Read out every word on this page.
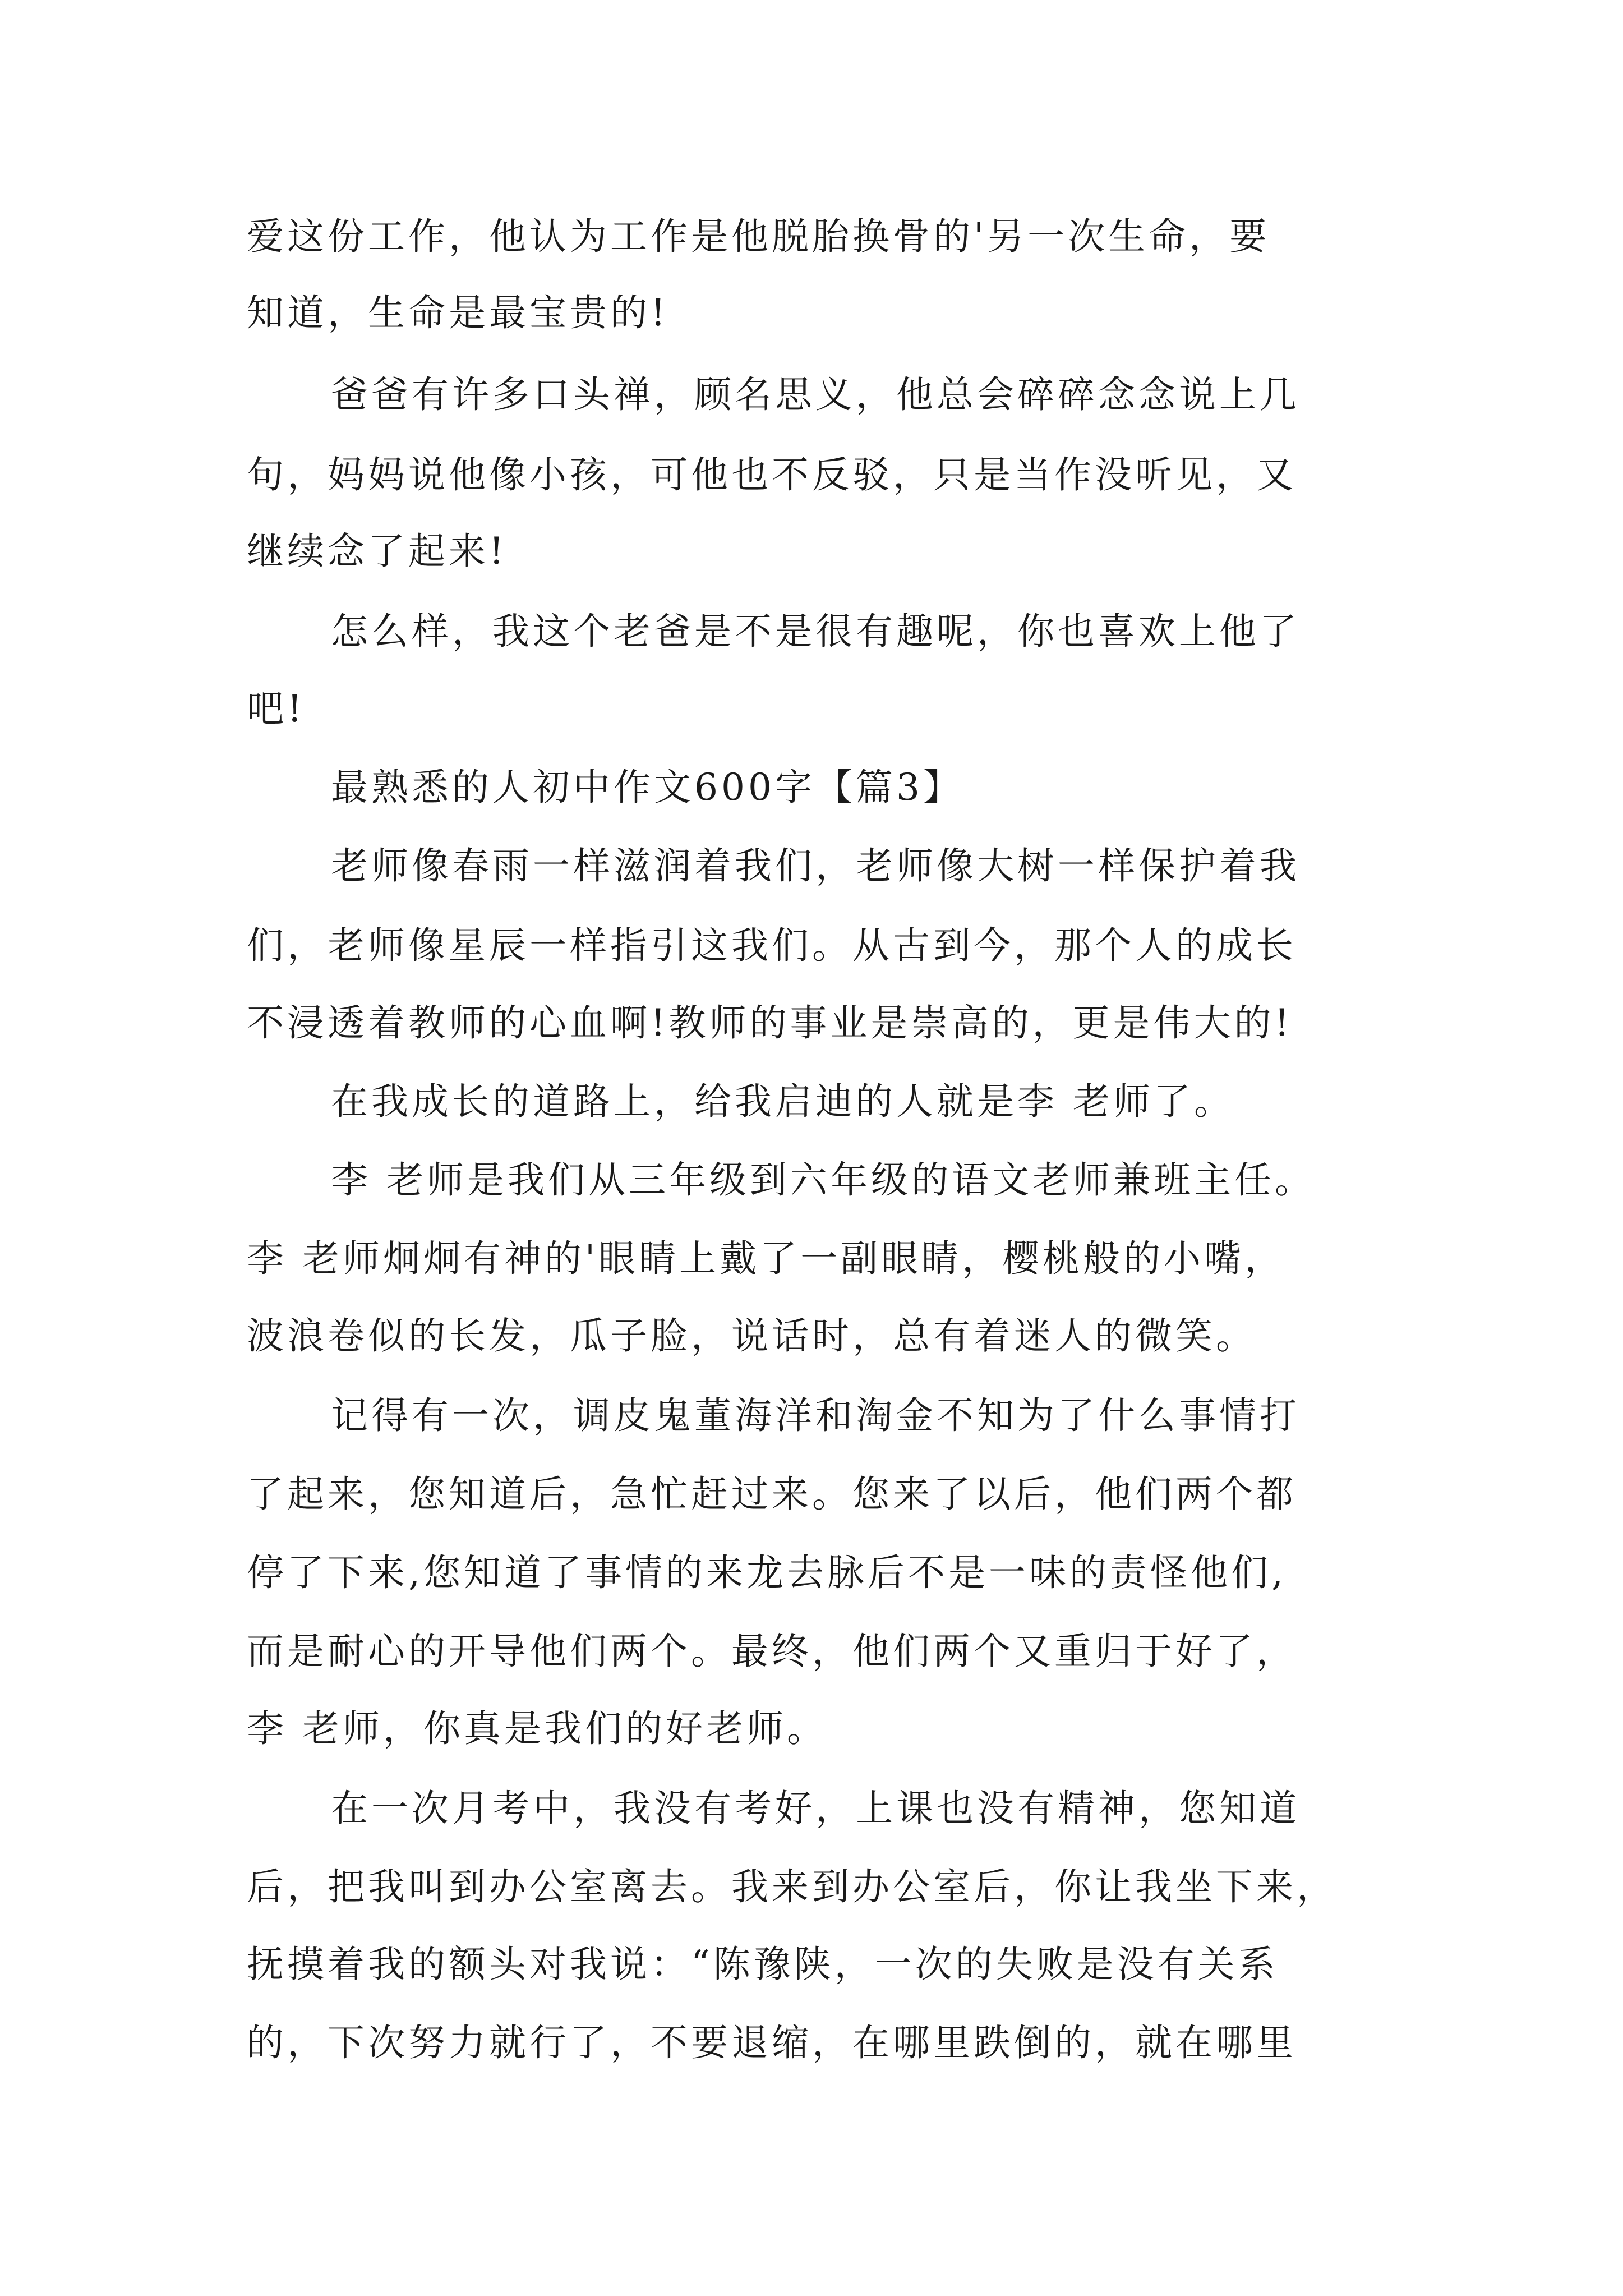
爱这份工作，他认为工作是他脱胎换骨的'另一次生命，要
知道，生命是最宝贵的!
爸爸有许多口头禅，顾名思义，他总会碎碎念念说上几
句，妈妈说他像小孩，可他也不反驳，只是当作没听见，又
继续念了起来!
怎么样，我这个老爸是不是很有趣呢，你也喜欢上他了
吧!
最熟悉的人初中作文600字【篇3】
老师像春雨一样滋润着我们，老师像大树一样保护着我
们，老师像星辰一样指引这我们。从古到今，那个人的成长
不浸透着教师的心血啊!教师的事业是崇高的，更是伟大的!
在我成长的道路上，给我启迪的人就是李 老师了。
李 老师是我们从三年级到六年级的语文老师兼班主任。
李 老师炯炯有神的'眼睛上戴了一副眼睛，樱桃般的小嘴，
波浪卷似的长发，瓜子脸，说话时，总有着迷人的微笑。
记得有一次，调皮鬼董海洋和淘金不知为了什么事情打
了起来，您知道后，急忙赶过来。您来了以后，他们两个都
停了下来,您知道了事情的来龙去脉后不是一味的责怪他们,
而是耐心的开导他们两个。最终，他们两个又重归于好了，
李 老师，你真是我们的好老师。
在一次月考中，我没有考好，上课也没有精神，您知道
后，把我叫到办公室离去。我来到办公室后，你让我坐下来，
抚摸着我的额头对我说：“陈豫陕，一次的失败是没有关系
的，下次努力就行了，不要退缩，在哪里跌倒的，就在哪里
